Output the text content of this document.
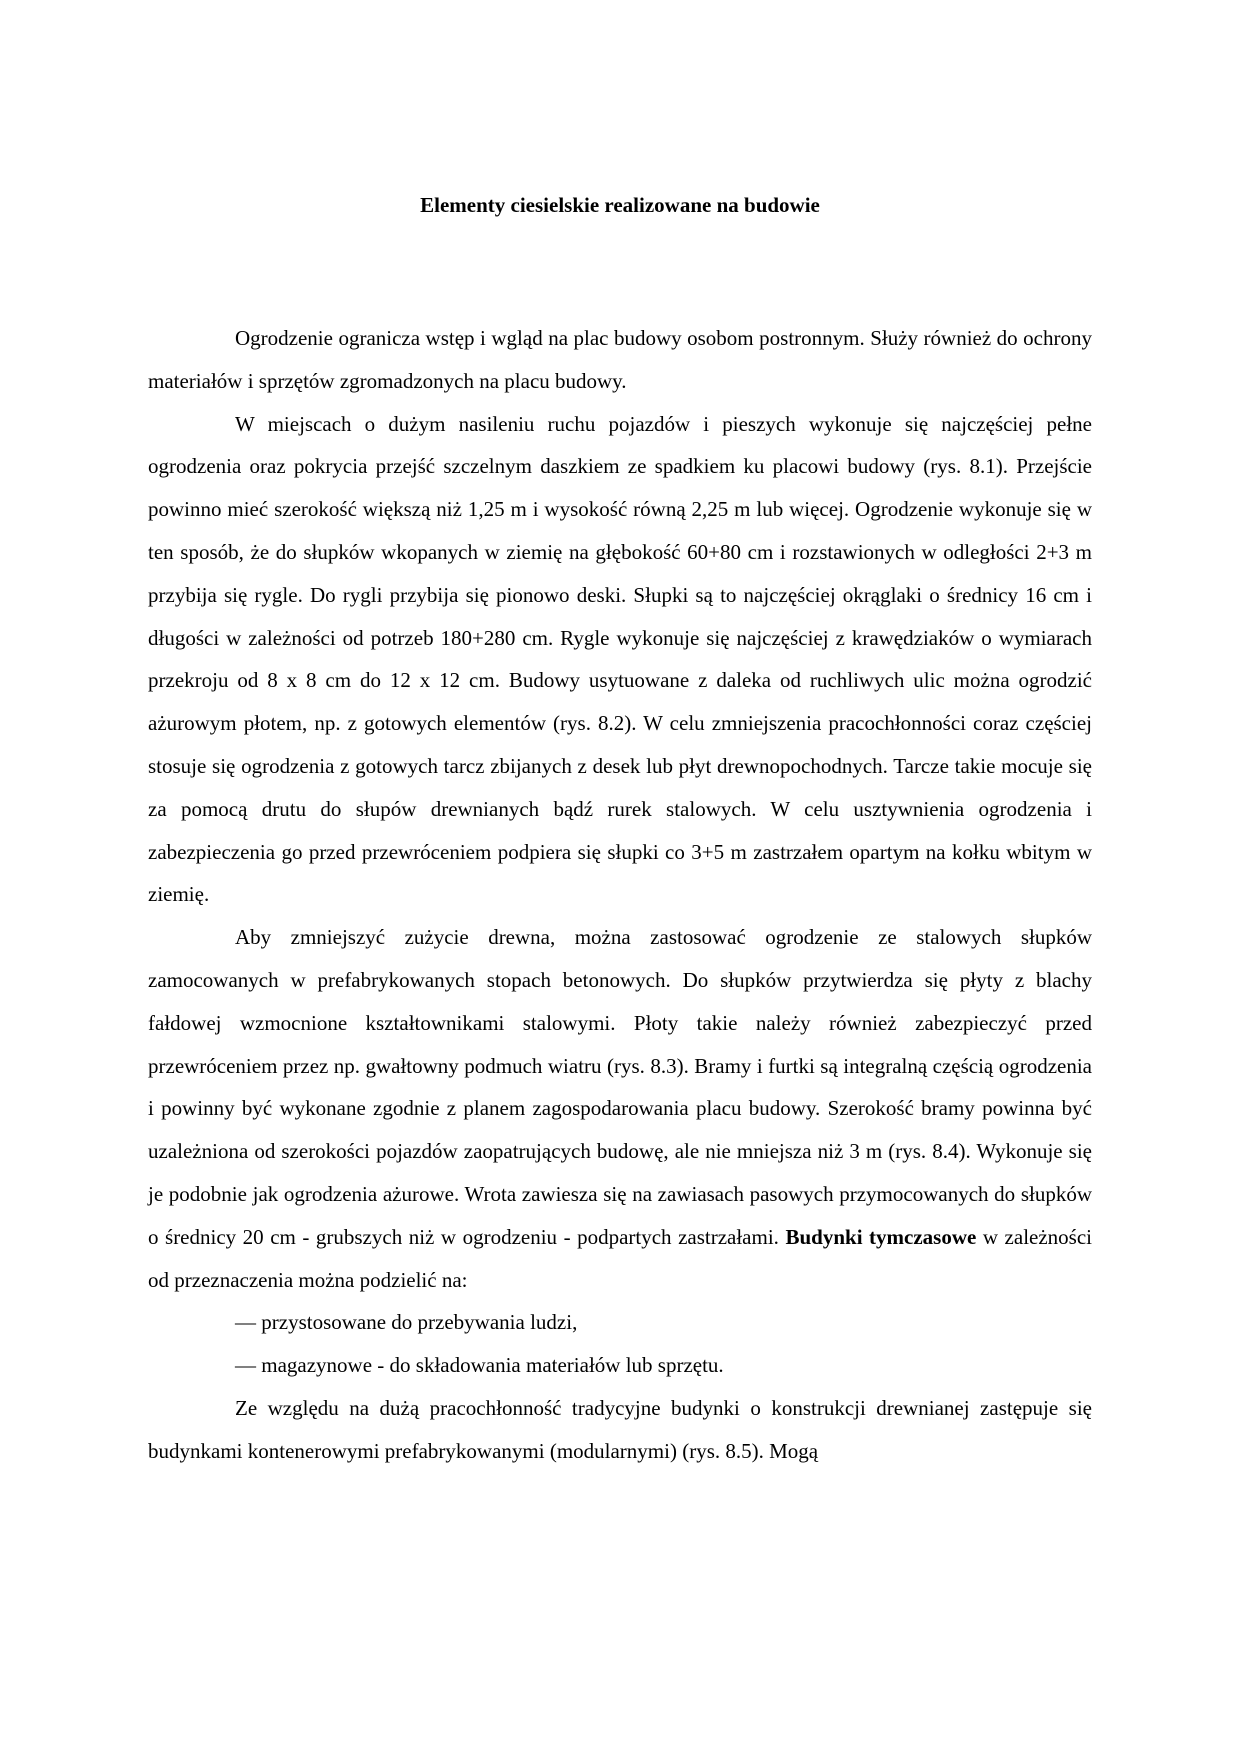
Elementy ciesielskie realizowane na budowie

Ogrodzenie ogranicza wstęp i wgląd na plac budowy osobom postronnym. Służy również do ochrony materiałów i sprzętów zgromadzonych na placu budowy.

W miejscach o dużym nasileniu ruchu pojazdów i pieszych wykonuje się najczęściej pełne ogrodzenia oraz pokrycia przejść szczelnym daszkiem ze spadkiem ku placowi budowy (rys. 8.1). Przejście powinno mieć szerokość większą niż 1,25 m i wysokość równą 2,25 m lub więcej. Ogrodzenie wykonuje się w ten sposób, że do słupków wkopanych w ziemię na głębokość 60+80 cm i rozstawionych w odległości 2+3 m przybija się rygle. Do rygli przybija się pionowo deski. Słupki są to najczęściej okrąglaki o średnicy 16 cm i długości w zależności od potrzeb 180+280 cm. Rygle wykonuje się najczęściej z krawędziaków o wymiarach przekroju od 8 x 8 cm do 12 x 12 cm. Budowy usytuowane z daleka od ruchliwych ulic można ogrodzić ażurowym płotem, np. z gotowych elementów (rys. 8.2). W celu zmniejszenia pracochłonności coraz częściej stosuje się ogrodzenia z gotowych tarcz zbijanych z desek lub płyt drewnopochodnych. Tarcze takie mocuje się za pomocą drutu do słupów drewnianych bądź rurek stalowych. W celu usztywnienia ogrodzenia i zabezpieczenia go przed przewróceniem podpiera się słupki co 3+5 m zastrzałem opartym na kołku wbitym w ziemię.

Aby zmniejszyć zużycie drewna, można zastosować ogrodzenie ze stalowych słupków zamocowanych w prefabrykowanych stopach betonowych. Do słupków przytwierdza się płyty z blachy fałdowej wzmocnione kształtownikami stalowymi. Płoty takie należy również zabezpieczyć przed przewróceniem przez np. gwałtowny podmuch wiatru (rys. 8.3). Bramy i furtki są integralną częścią ogrodzenia i powinny być wykonane zgodnie z planem zagospodarowania placu budowy. Szerokość bramy powinna być uzależniona od szerokości pojazdów zaopatrujących budowę, ale nie mniejsza niż 3 m (rys. 8.4). Wykonuje się je podobnie jak ogrodzenia ażurowe. Wrota zawiesza się na zawiasach pasowych przymocowanych do słupków o średnicy 20 cm - grubszych niż w ogrodzeniu - podpartych zastrzałami. Budynki tymczasowe w zależności od przeznaczenia można podzielić na:

— przystosowane do przebywania ludzi,

— magazynowe - do składowania materiałów lub sprzętu.

Ze względu na dużą pracochłonność tradycyjne budynki o konstrukcji drewnianej zastępuje się budynkami kontenerowymi prefabrykowanymi (modularnymi) (rys. 8.5). Mogą
